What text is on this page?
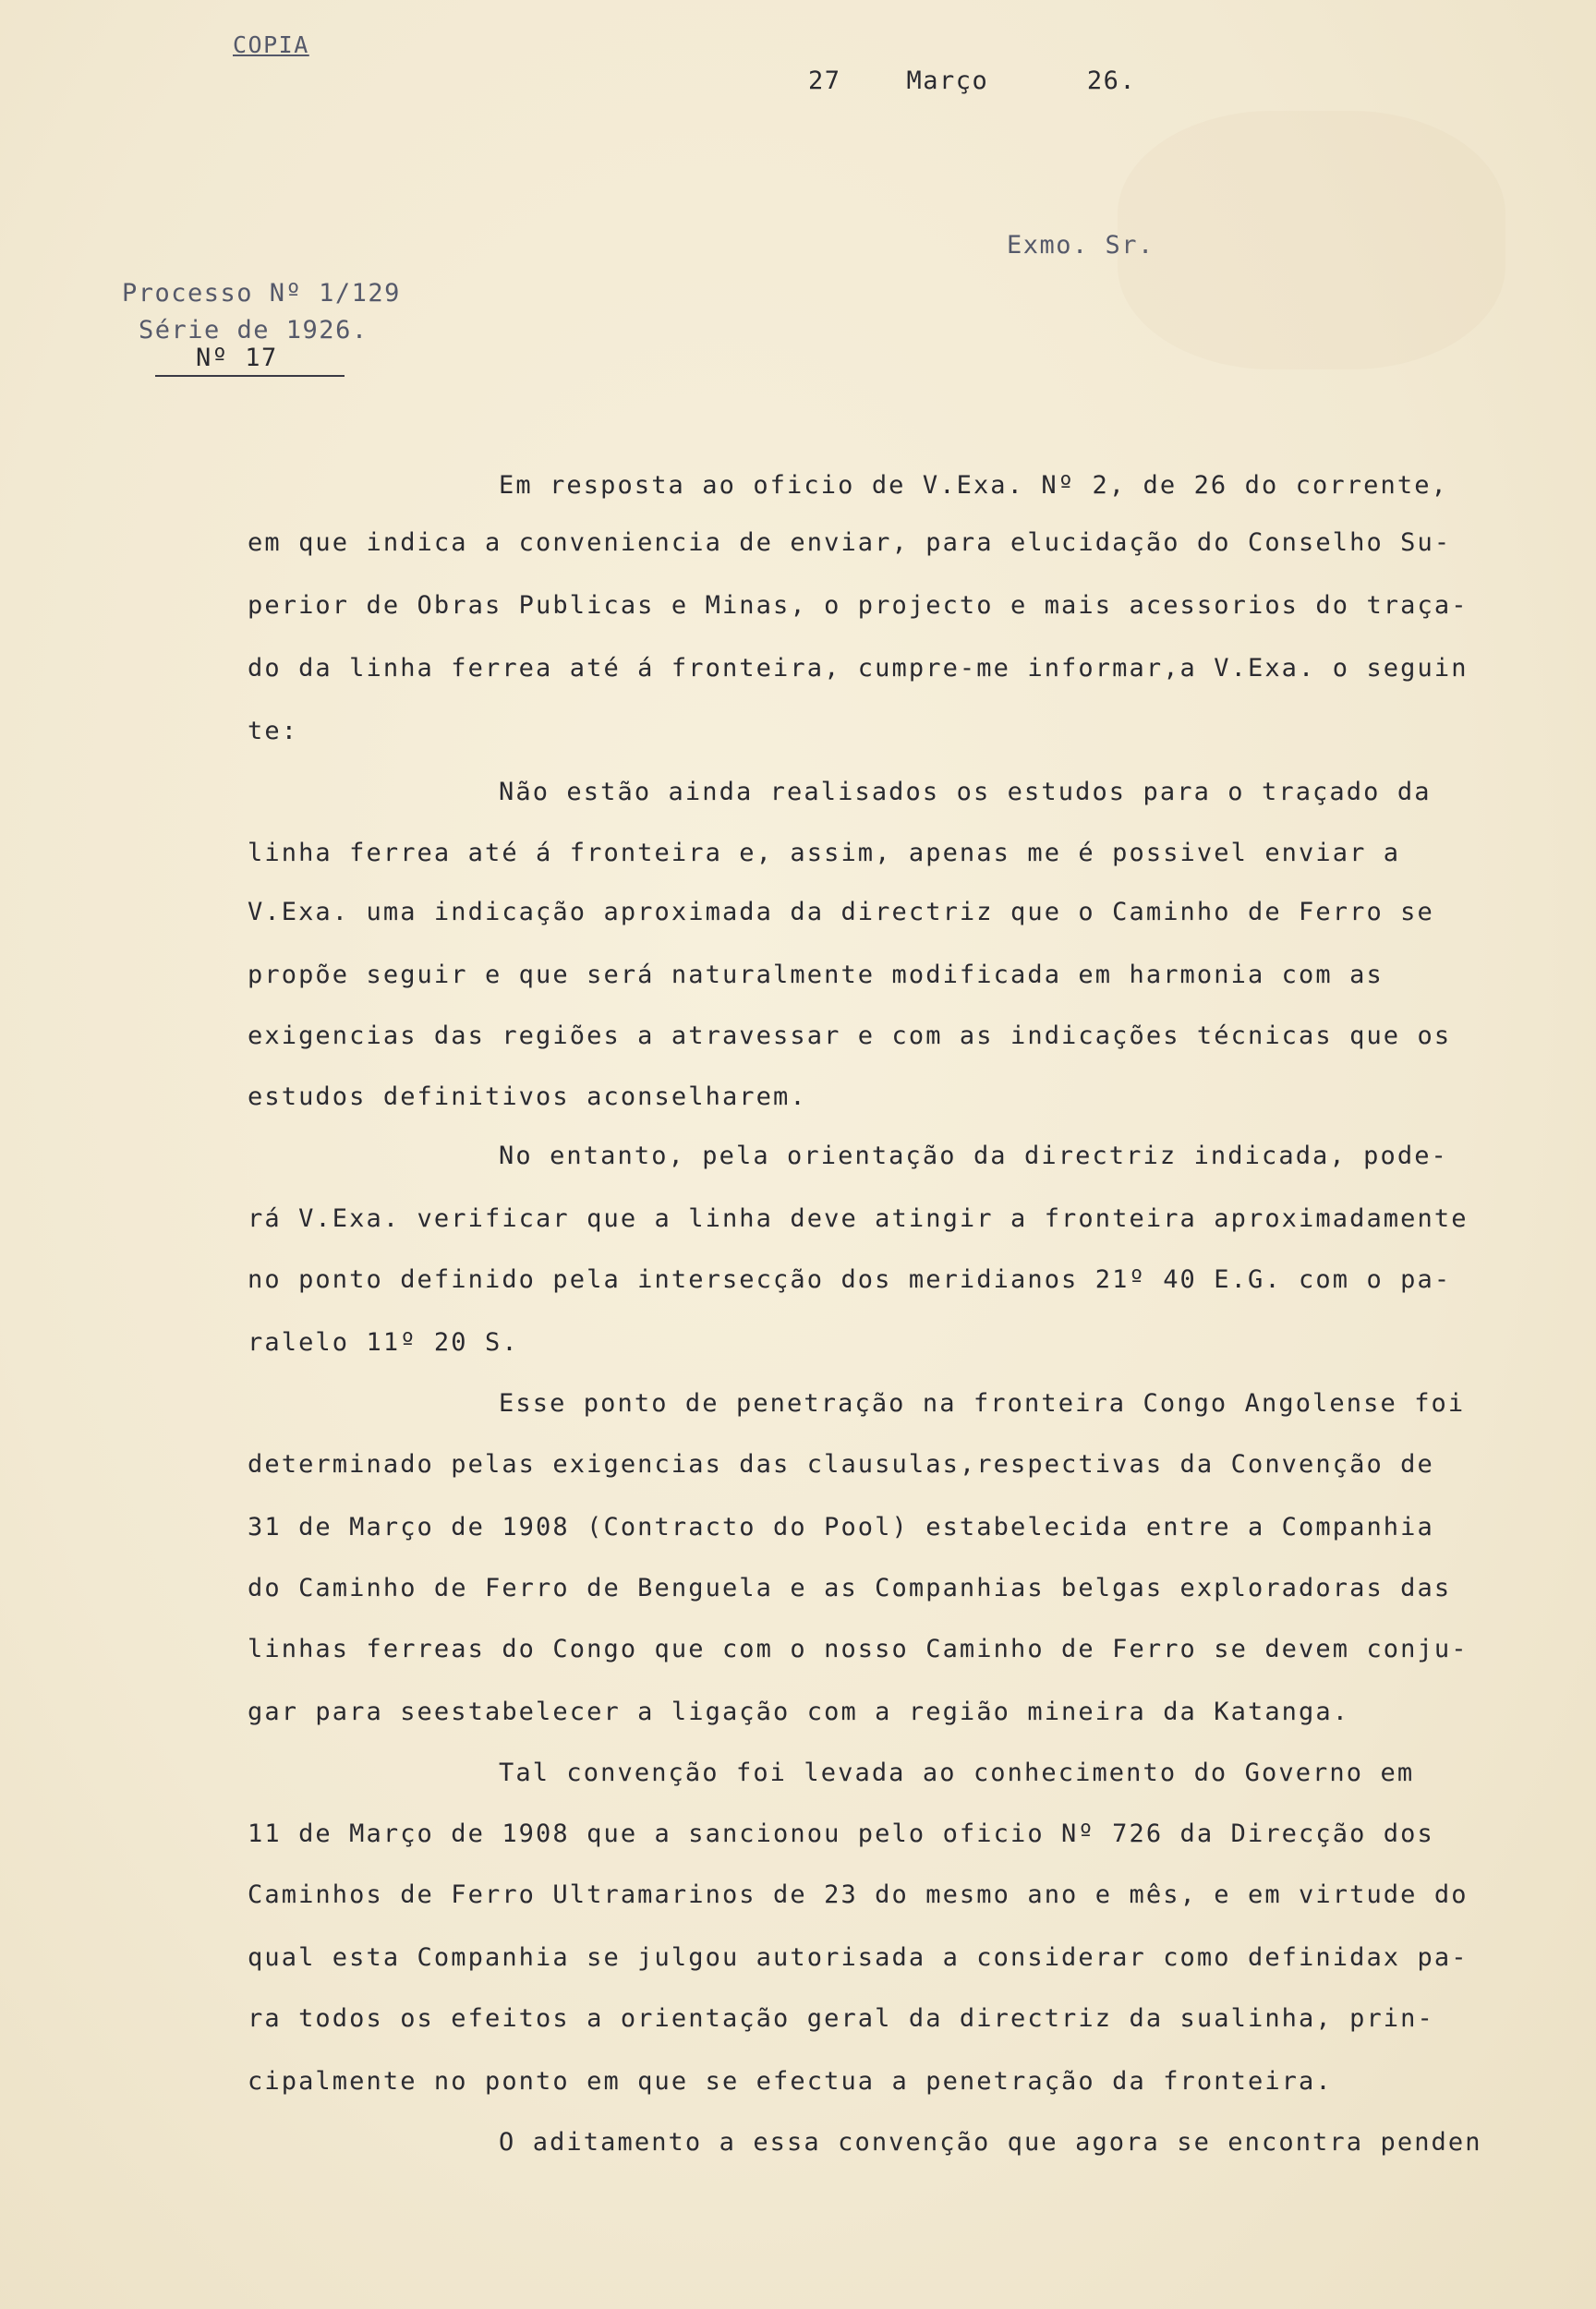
COPIA
27    Março      26.
Exmo. Sr.
Processo Nº 1/129
Série de 1926.
Nº 17
Em resposta ao oficio de V.Exa. Nº 2, de 26 do corrente,
em que indica a conveniencia de enviar, para elucidação do Conselho Su-
perior de Obras Publicas e Minas, o projecto e mais acessorios do traça-
do da linha ferrea até á fronteira, cumpre-me informar,a V.Exa. o seguin
te:
Não estão ainda realisados os estudos para o traçado da
linha ferrea até á fronteira e, assim, apenas me é possivel enviar a
V.Exa. uma indicação aproximada da directriz que o Caminho de Ferro se
propõe seguir e que será naturalmente modificada em harmonia com as
exigencias das regiões a atravessar e com as indicações técnicas que os
estudos definitivos aconselharem.
No entanto, pela orientação da directriz indicada, pode-
rá V.Exa. verificar que a linha deve atingir a fronteira aproximadamente
no ponto definido pela intersecção dos meridianos 21º 40 E.G. com o pa-
ralelo 11º 20 S.
Esse ponto de penetração na fronteira Congo Angolense foi
determinado pelas exigencias das clausulas,respectivas da Convenção de
31 de Março de 1908 (Contracto do Pool) estabelecida entre a Companhia
do Caminho de Ferro de Benguela e as Companhias belgas exploradoras das
linhas ferreas do Congo que com o nosso Caminho de Ferro se devem conju-
gar para seestabelecer a ligação com a região mineira da Katanga.
Tal convenção foi levada ao conhecimento do Governo em
11 de Março de 1908 que a sancionou pelo oficio Nº 726 da Direcção dos
Caminhos de Ferro Ultramarinos de 23 do mesmo ano e mês, e em virtude do
qual esta Companhia se julgou autorisada a considerar como definidax pa-
ra todos os efeitos a orientação geral da directriz da sualinha, prin-
cipalmente no ponto em que se efectua a penetração da fronteira.
O aditamento a essa convenção que agora se encontra penden
